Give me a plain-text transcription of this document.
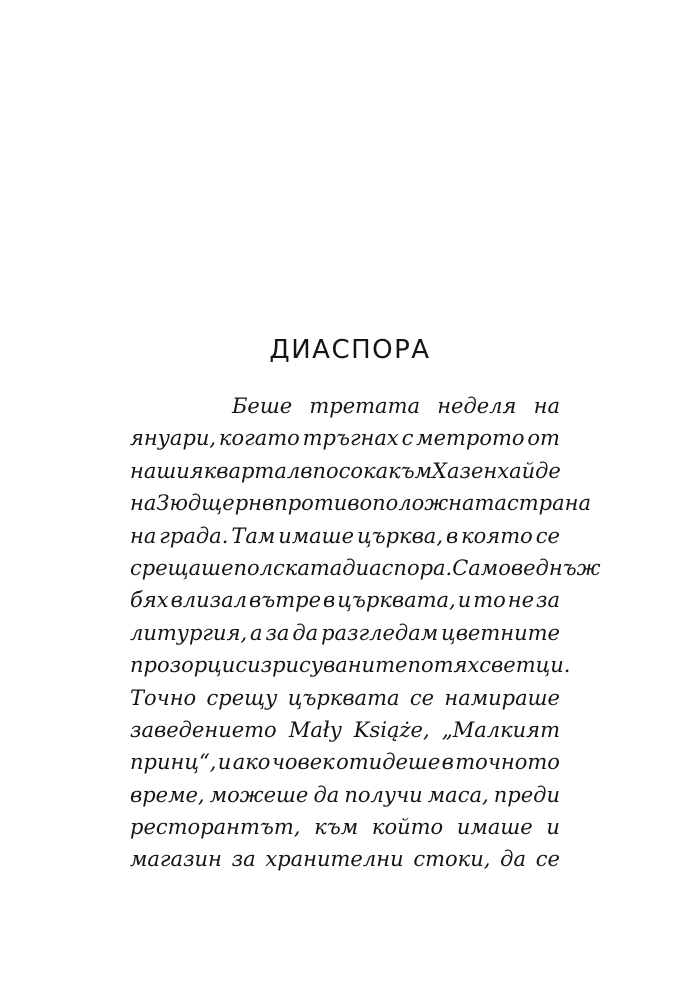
ДИАСПОРА
Беше третата неделя на
януари, когато тръгнах с метрото от
нашия квартал в посока към Хазенхайде
на Зюдщерн в противоположната страна
на града. Там имаше църква, в която се
срещаше полската диаспора. Само веднъж
бях влизал вътре в църквата, и то не за
литургия, а за да разгледам цветните
прозорци с изрисуваните по тях светци.
Точно срещу църквата се намираше
заведението Mały Książe, „Малкият
принц“, и ако човек отидеше в точното
време, можеше да получи маса, преди
ресторантът, към който имаше и
магазин за хранителни стоки, да се
